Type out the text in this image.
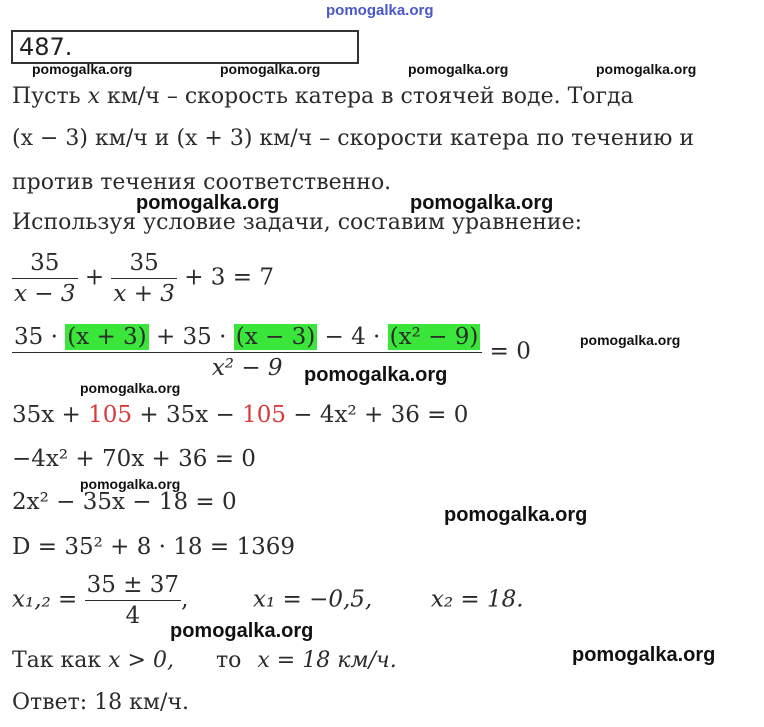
pomogalka.org
487.
pomogalka.org	pomogalka.org	pomogalka.org	pomogalka.org
Пусть x км/ч – скорость катера в стоячей воде. Тогда
(x − 3) км/ч и (x + 3) км/ч – скорости катера по течению и
против течения соответственно.
pomogalka.org	pomogalka.org
Используя условие задачи, составим уравнение:
$\frac{35}{x - 3} + \frac{35}{x + 3} + 3 = 7$
$\frac{\text{35 · (x + 3) + 35 · (x − 3) − 4 · (x² − 9)}}{\text{x² − 9}} = 0$	pomogalka.org
pomogalka.org
pomogalka.org
35x + 105 + 35x − 105 − 4x² + 36 = 0
−4x² + 70x + 36 = 0
pomogalka.org
2x² − 35x − 18 = 0	pomogalka.org
D = 35² + 8 · 18 = 1369
$x_1,_2 = \frac{35 \pm 37}{4}$ ,  x₁ = −0,5,	x₂ = 18.
pomogalka.org
Так как x > 0, то x = 18 км/ч.	pomogalka.org
Ответ: 18 км/ч.
